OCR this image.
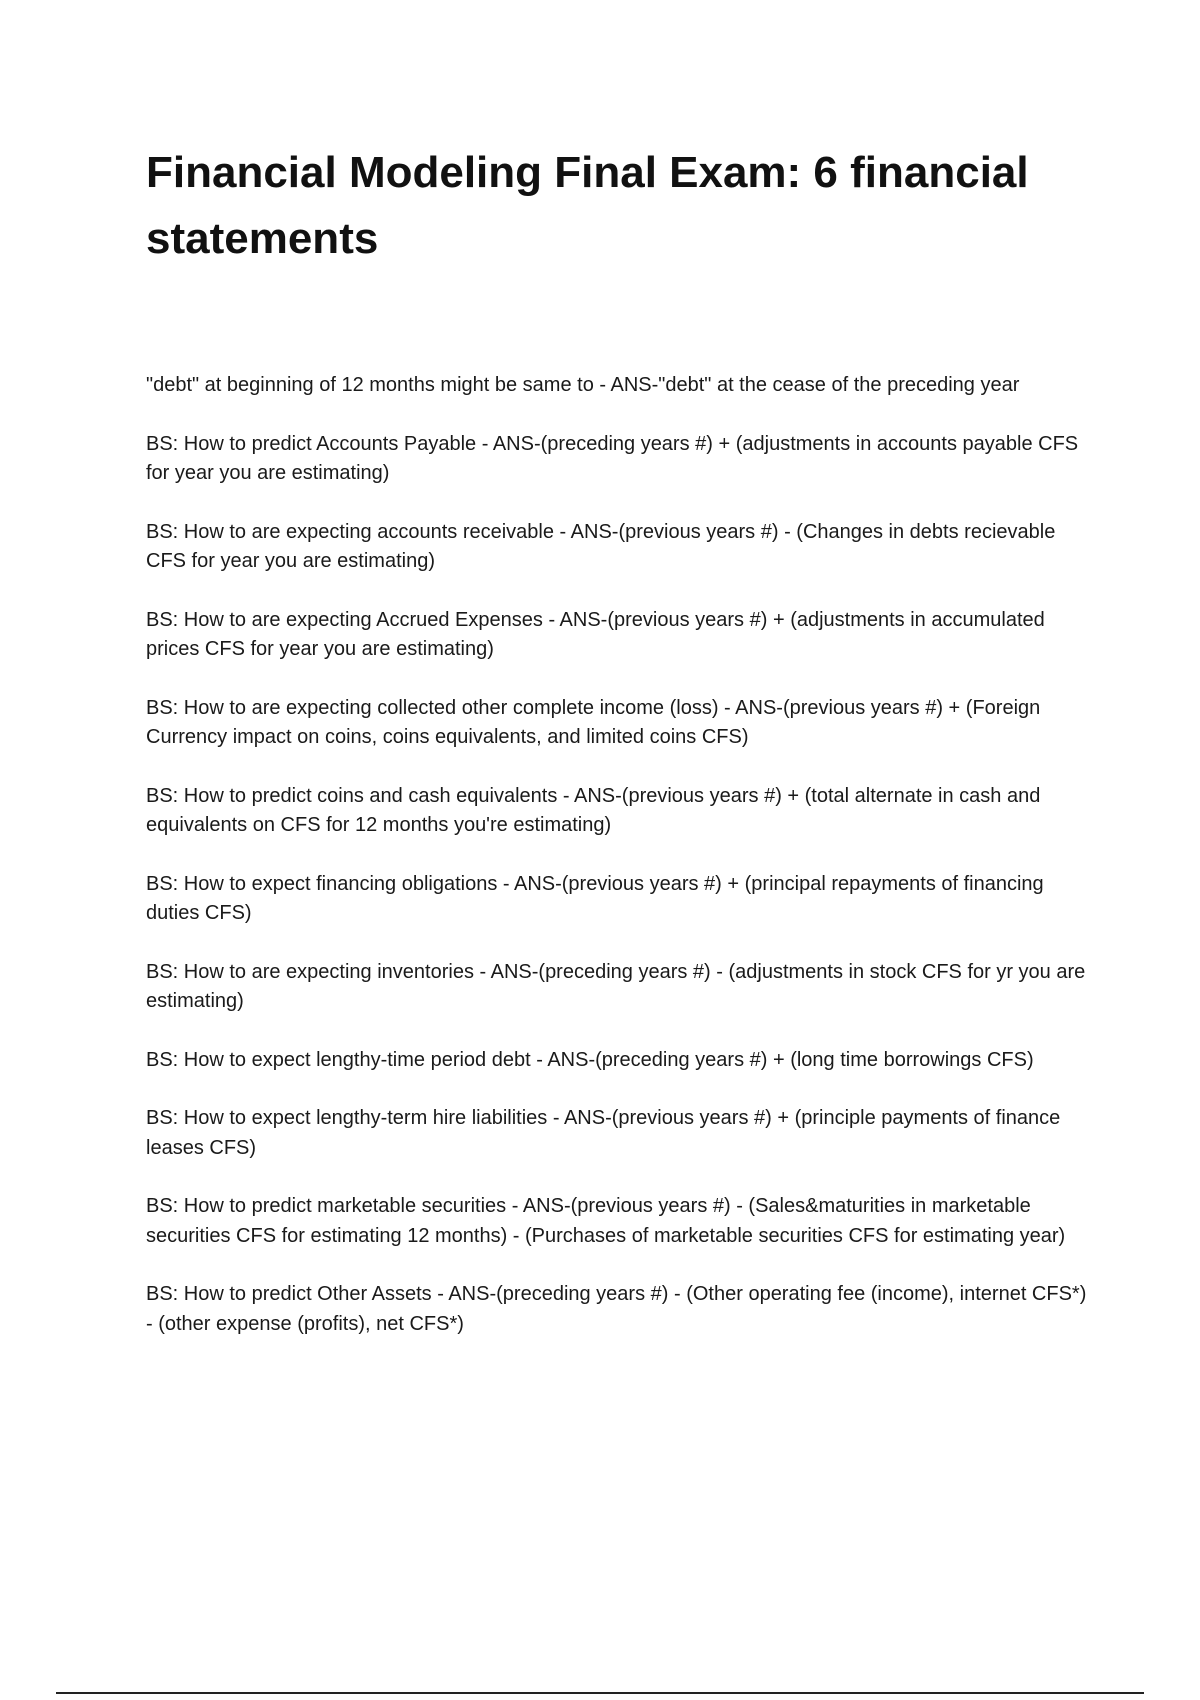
Financial Modeling Final Exam: 6 financial statements
"debt" at beginning of 12 months might be same to - ANS-"debt" at the cease of the preceding year
BS: How to predict Accounts Payable - ANS-(preceding years #) + (adjustments in accounts payable CFS for year you are estimating)
BS: How to are expecting accounts receivable - ANS-(previous years #) - (Changes in debts recievable CFS for year you are estimating)
BS: How to are expecting Accrued Expenses - ANS-(previous years #) + (adjustments in accumulated prices CFS for year you are estimating)
BS: How to are expecting collected other complete income (loss) - ANS-(previous years #) + (Foreign Currency impact on coins, coins equivalents, and limited coins CFS)
BS: How to predict coins and cash equivalents - ANS-(previous years #) + (total alternate in cash and equivalents on CFS for 12 months you're estimating)
BS: How to expect financing obligations - ANS-(previous years #) + (principal repayments of financing duties CFS)
BS: How to are expecting inventories - ANS-(preceding years #) - (adjustments in stock CFS for yr you are estimating)
BS: How to expect lengthy-time period debt - ANS-(preceding years #) + (long time borrowings CFS)
BS: How to expect lengthy-term hire liabilities - ANS-(previous years #) + (principle payments of finance leases CFS)
BS: How to predict marketable securities - ANS-(previous years #) - (Sales&maturities in marketable securities CFS for estimating 12 months) - (Purchases of marketable securities CFS for estimating year)
BS: How to predict Other Assets - ANS-(preceding years #) - (Other operating fee (income), internet CFS*) - (other expense (profits), net CFS*)
